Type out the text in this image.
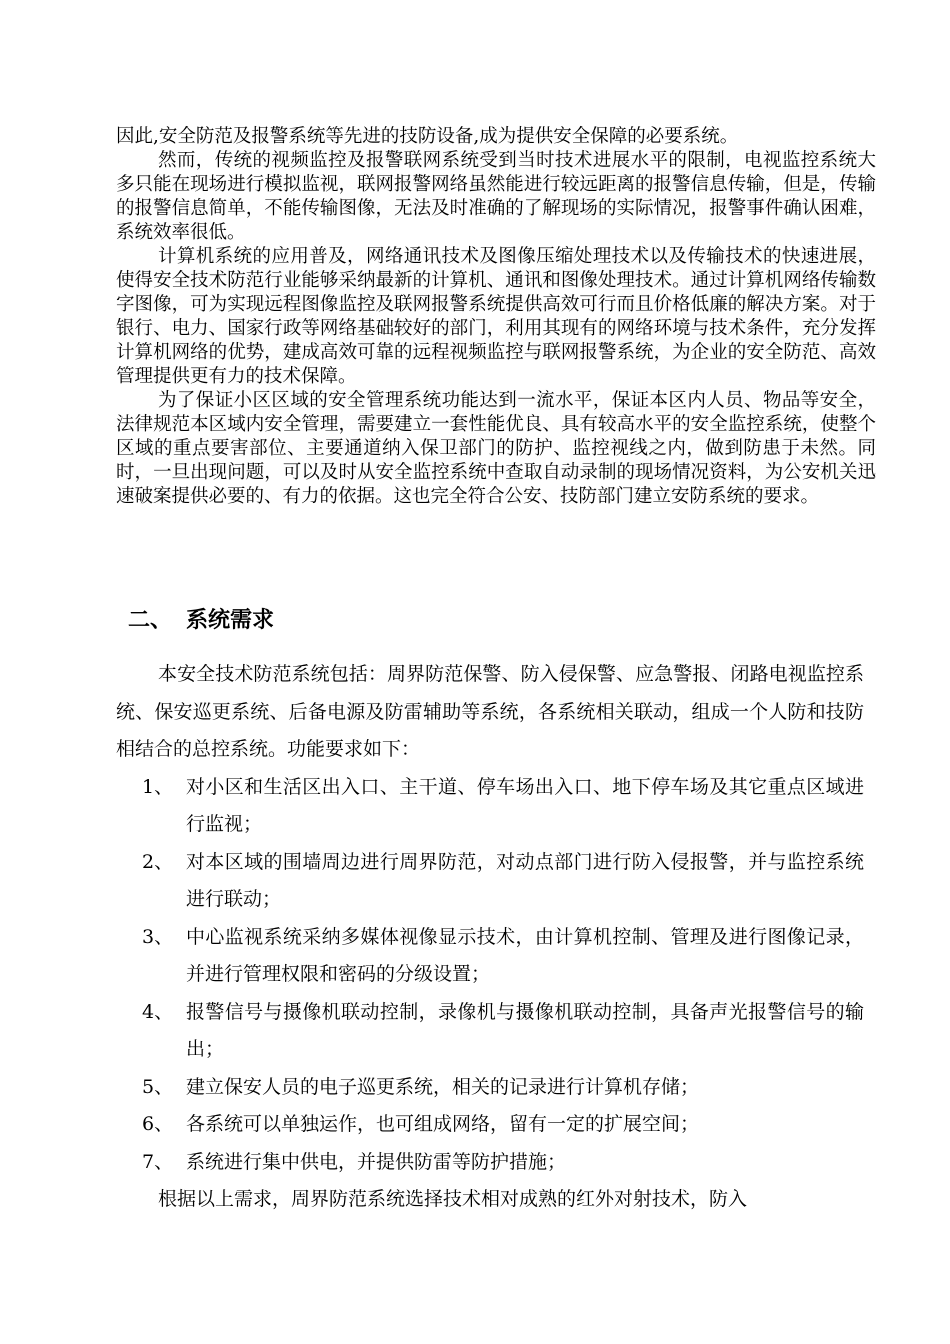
因此,安全防范及报警系统等先进的技防设备,成为提供安全保障的必要系统。

然而，传统的视频监控及报警联网系统受到当时技术进展水平的限制，电视监控系统大多只能在现场进行模拟监视，联网报警网络虽然能进行较远距离的报警信息传输，但是，传输的报警信息简单，不能传输图像，无法及时准确的了解现场的实际情况，报警事件确认困难，系统效率很低。

计算机系统的应用普及，网络通讯技术及图像压缩处理技术以及传输技术的快速进展，使得安全技术防范行业能够采纳最新的计算机、通讯和图像处理技术。通过计算机网络传输数字图像，可为实现远程图像监控及联网报警系统提供高效可行而且价格低廉的解决方案。对于银行、电力、国家行政等网络基础较好的部门，利用其现有的网络环境与技术条件，充分发挥计算机网络的优势，建成高效可靠的远程视频监控与联网报警系统，为企业的安全防范、高效管理提供更有力的技术保障。

为了保证小区区域的安全管理系统功能达到一流水平，保证本区内人员、物品等安全，法律规范本区域内安全管理，需要建立一套性能优良、具有较高水平的安全监控系统，使整个区域的重点要害部位、主要通道纳入保卫部门的防护、监控视线之内，做到防患于未然。同时，一旦出现问题，可以及时从安全监控系统中查取自动录制的现场情况资料，为公安机关迅速破案提供必要的、有力的依据。这也完全符合公安、技防部门建立安防系统的要求。

二、 系统需求

本安全技术防范系统包括：周界防范保警、防入侵保警、应急警报、闭路电视监控系统、保安巡更系统、后备电源及防雷辅助等系统，各系统相关联动，组成一个人防和技防相结合的总控系统。功能要求如下：

1、 对小区和生活区出入口、主干道、停车场出入口、地下停车场及其它重点区域进行监视；
2、 对本区域的围墙周边进行周界防范，对动点部门进行防入侵报警，并与监控系统进行联动；
3、 中心监视系统采纳多媒体视像显示技术，由计算机控制、管理及进行图像记录，并进行管理权限和密码的分级设置；
4、 报警信号与摄像机联动控制，录像机与摄像机联动控制，具备声光报警信号的输出；
5、 建立保安人员的电子巡更系统，相关的记录进行计算机存储；
6、 各系统可以单独运作，也可组成网络，留有一定的扩展空间；
7、 系统进行集中供电，并提供防雷等防护措施；

根据以上需求，周界防范系统选择技术相对成熟的红外对射技术，防入
